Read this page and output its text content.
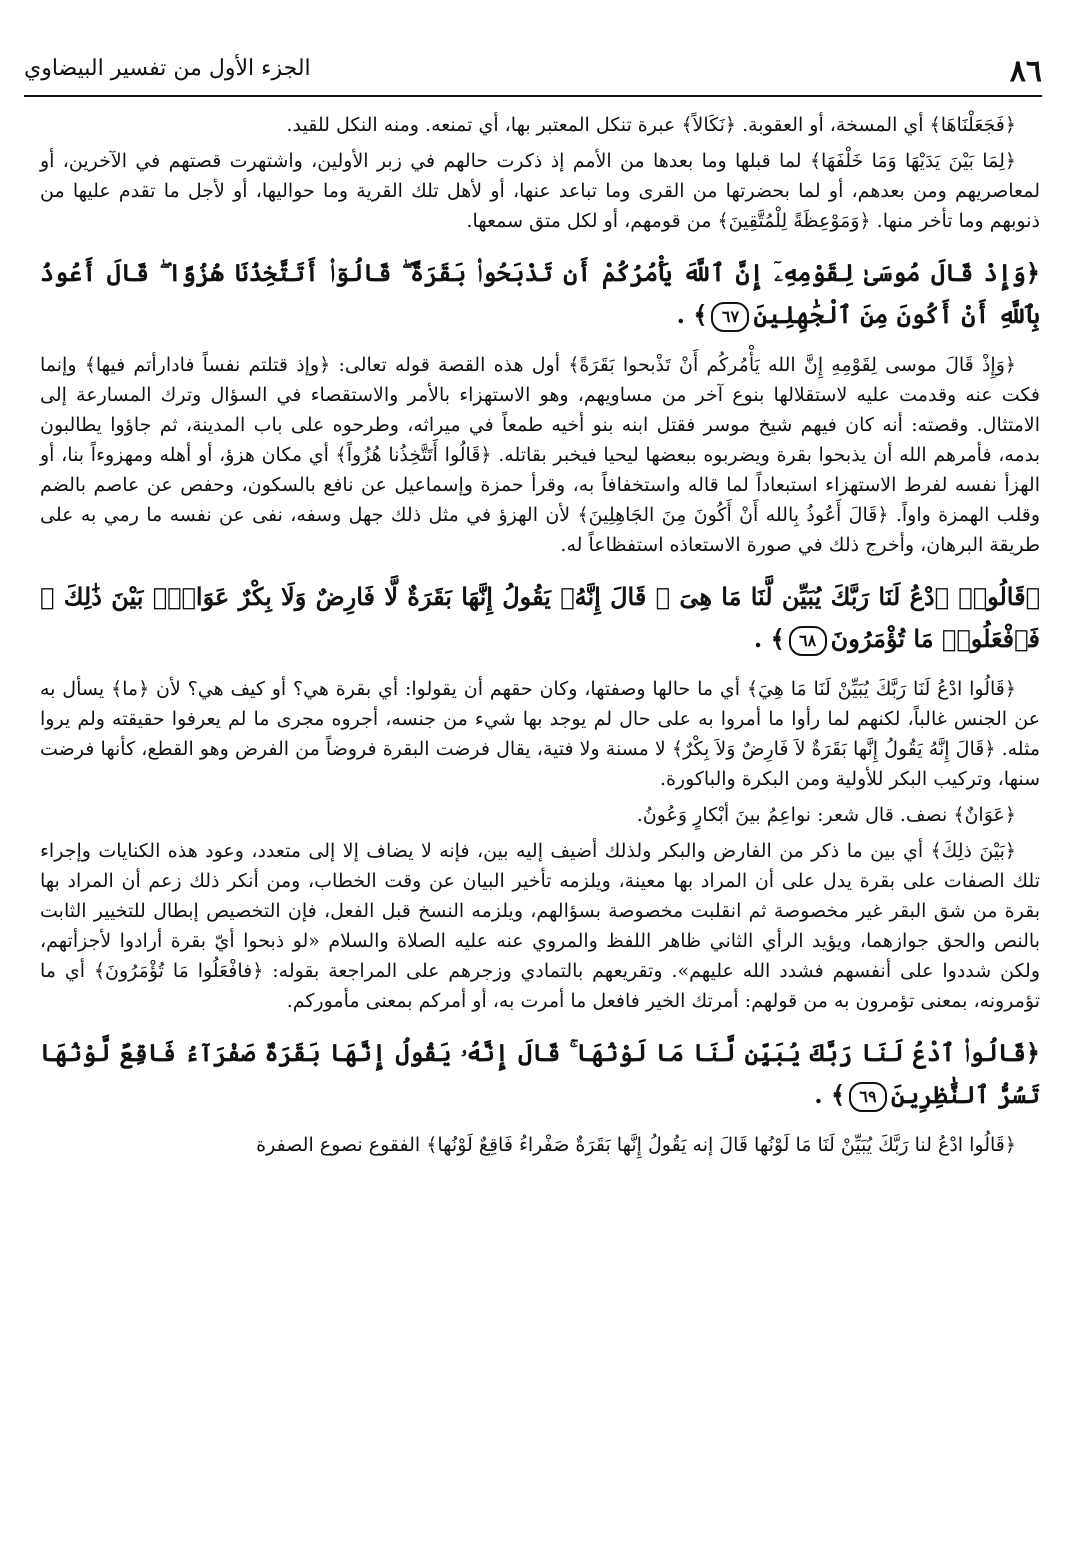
٨٦
الجزء الأول من تفسير البيضاوي

﴿فَجَعَلْنَاهَا﴾ أي المسخة، أو العقوبة. ﴿نَكَالاً﴾ عبرة تنكل المعتبر بها، أي تمنعه. ومنه النكل للقيد.

﴿لِمَا بَيْنَ يَدَيْهَا وَمَا خَلْفَهَا﴾ لما قبلها وما بعدها من الأمم إذ ذكرت حالهم في زبر الأولين، واشتهرت قصتهم في الآخرين، أو لمعاصريهم ومن بعدهم، أو لما بحضرتها من القرى وما تباعد عنها، أو لأهل تلك القرية وما حواليها، أو لأجل ما تقدم عليها من ذنوبهم وما تأخر منها. ﴿وَمَوْعِظَةً لِلْمُتَّقِينَ﴾ من قومهم، أو لكل متق سمعها.

﴿وَإِذْ قَالَ مُوسَىٰ لِقَوْمِهِۦٓ إِنَّ ٱللَّهَ يَأْمُرُكُمْ أَن تَذْبَحُوا۟ بَقَرَةً ۖ قَالُوٓا۟ أَتَتَّخِذُنَا هُزُوًا ۖ قَالَ أَعُوذُ بِٱللَّهِ أَنْ أَكُونَ مِنَ ٱلْجَٰهِلِينَ٦٧﴾ .

﴿وَإِذْ قَالَ موسى لِقَوْمِهِ إِنَّ الله يَأْمُركُم أَنْ تَذْبحوا بَقَرَةً﴾ أول هذه القصة قوله تعالى: ﴿وإذ قتلتم نفساً فادارأتم فيها﴾ وإنما فكت عنه وقدمت عليه لاستقلالها بنوع آخر من مساويهم، وهو الاستهزاء بالأمر والاستقصاء في السؤال وترك المسارعة إلى الامتثال. وقصته: أنه كان فيهم شيخ موسر فقتل ابنه بنو أخيه طمعاً في ميراثه، وطرحوه على باب المدينة، ثم جاؤوا يطالبون بدمه، فأمرهم الله أن يذبحوا بقرة ويضربوه ببعضها ليحيا فيخبر بقاتله. ﴿قَالُوا أَتَتَّخِذُنا هُزُواً﴾ أي مكان هزؤ، أو أهله ومهزوءاً بنا، أو الهزأ نفسه لفرط الاستهزاء استبعاداً لما قاله واستخفافاً به، وقرأ حمزة وإسماعيل عن نافع بالسكون، وحفص عن عاصم بالضم وقلب الهمزة واواً. ﴿قَالَ أَعُوذُ بِالله أَنْ أَكُونَ مِنَ الجَاهِلِينَ﴾ لأن الهزؤ في مثل ذلك جهل وسفه، نفى عن نفسه ما رمي به على طريقة البرهان، وأخرج ذلك في صورة الاستعاذه استفظاعاً له.

﴿قَالُوا۟ ٱدْعُ لَنَا رَبَّكَ يُبَيِّن لَّنَا مَا هِىَ ۚ قَالَ إِنَّهُۥ يَقُولُ إِنَّهَا بَقَرَةٌ لَّا فَارِضٌ وَلَا بِكْرٌ عَوَانٌۢ بَيْنَ ذَٰلِكَ ۖ فَٱفْعَلُوا۟ مَا تُؤْمَرُونَ٦٨﴾ .

﴿قَالُوا ادْعُ لَنَا رَبَّكَ يُبَيِّنْ لَنَا مَا هِيَ﴾ أي ما حالها وصفتها، وكان حقهم أن يقولوا: أي بقرة هي؟ أو كيف هي؟ لأن ﴿ما﴾ يسأل به عن الجنس غالباً، لكنهم لما رأوا ما أمروا به على حال لم يوجد بها شيء من جنسه، أجروه مجرى ما لم يعرفوا حقيقته ولم يروا مثله. ﴿قَالَ إِنَّهُ يَقُولُ إِنَّها بَقَرَةٌ لاَ فَارِضٌ وَلاَ بِكْرٌ﴾ لا مسنة ولا فتية، يقال فرضت البقرة فروضاً من الفرض وهو القطع، كأنها فرضت سنها، وتركيب البكر للأولية ومن البكرة والباكورة.

﴿عَوَانٌ﴾ نصف. قال شعر: نواعِمُ بينَ أبْكارٍ وَعُونُ.

﴿بَيْنَ ذلِكَ﴾ أي بين ما ذكر من الفارض والبكر ولذلك أضيف إليه بين، فإنه لا يضاف إلا إلى متعدد، وعود هذه الكنايات وإجراء تلك الصفات على بقرة يدل على أن المراد بها معينة، ويلزمه تأخير البيان عن وقت الخطاب، ومن أنكر ذلك زعم أن المراد بها بقرة من شق البقر غير مخصوصة ثم انقلبت مخصوصة بسؤالهم، ويلزمه النسخ قبل الفعل، فإن التخصيص إبطال للتخيير الثابت بالنص والحق جوازهما، ويؤيد الرأي الثاني ظاهر اللفظ والمروي عنه عليه الصلاة والسلام «لو ذبحوا أيّ بقرة أرادوا لأجزأتهم، ولكن شددوا على أنفسهم فشدد الله عليهم». وتقريعهم بالتمادي وزجرهم على المراجعة بقوله: ﴿فافْعَلُوا مَا تُؤْمَرُونَ﴾ أي ما تؤمرونه، بمعنى تؤمرون به من قولهم: أمرتك الخير فافعل ما أمرت به، أو أمركم بمعنى مأموركم.

﴿قَالُوا۟ ٱدْعُ لَنَا رَبَّكَ يُبَيِّن لَّنَا مَا لَوْنُهَا ۚ قَالَ إِنَّهُۥ يَقُولُ إِنَّهَا بَقَرَةٌ صَفْرَآءُ فَاقِعٌ لَّوْنُهَا تَسُرُّ ٱلنَّٰظِرِينَ٦٩﴾ .

﴿قَالُوا ادْعُ لنا رَبَّكَ يُبَيِّنْ لَنَا مَا لَوْنُها قَالَ إنه يَقُولُ إِنَّها بَقَرَةٌ صَفْراءُ فَاقِعٌ لَوْنُها﴾ الفقوع نصوع الصفرة
